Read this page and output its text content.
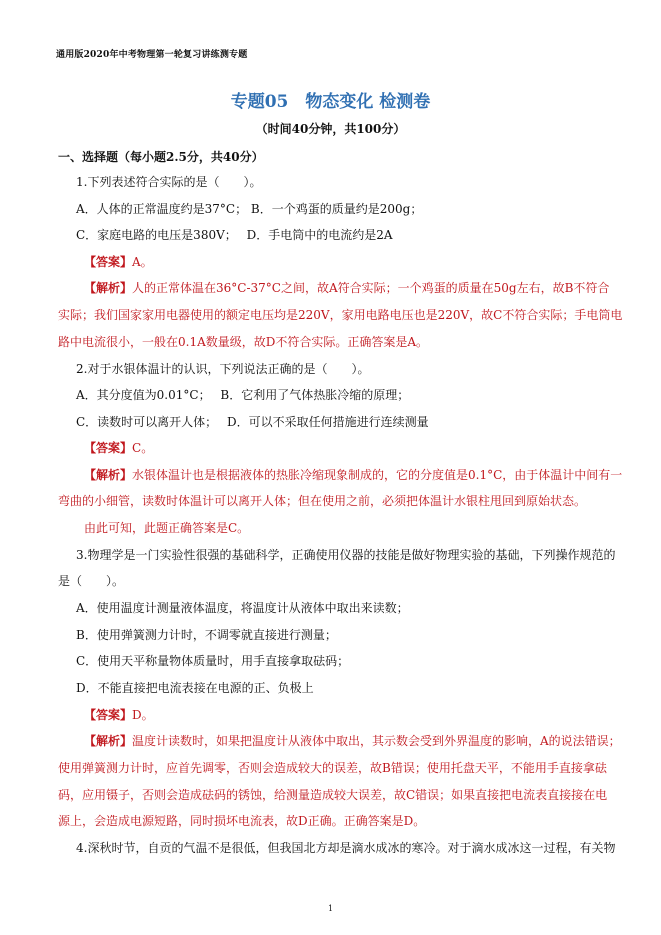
通用版2020年中考物理第一轮复习讲练测专题
专题05　物态变化 检测卷
（时间40分钟，共100分）
一、选择题（每小题2.5分，共40分）
1.下列表述符合实际的是（　　）。
A．人体的正常温度约是37°C； B．一个鸡蛋的质量约是200g；
C．家庭电路的电压是380V；　 D．手电筒中的电流约是2A
【答案】A。
【解析】人的正常体温在36°C-37°C之间，故A符合实际；一个鸡蛋的质量在50g左右，故B不符合
实际；我们国家家用电器使用的额定电压均是220V，家用电路电压也是220V，故C不符合实际；手电筒电
路中电流很小，一般在0.1A数量级，故D不符合实际。正确答案是A。
2.对于水银体温计的认识，下列说法正确的是（　　）。
A．其分度值为0.01°C；　 B．它利用了气体热胀冷缩的原理；
C．读数时可以离开人体；　 D．可以不采取任何措施进行连续测量
【答案】C。
【解析】水银体温计也是根据液体的热胀冷缩现象制成的，它的分度值是0.1°C，由于体温计中间有一
弯曲的小细管，读数时体温计可以离开人体；但在使用之前，必须把体温计水银柱甩回到原始状态。
由此可知，此题正确答案是C。
3.物理学是一门实验性很强的基础科学，正确使用仪器的技能是做好物理实验的基础，下列操作规范的
是（　　）。
A．使用温度计测量液体温度，将温度计从液体中取出来读数；
B．使用弹簧测力计时，不调零就直接进行测量；
C．使用天平称量物体质量时，用手直接拿取砝码；
D．不能直接把电流表接在电源的正、负极上
【答案】D。
【解析】温度计读数时，如果把温度计从液体中取出，其示数会受到外界温度的影响，A的说法错误；
使用弹簧测力计时，应首先调零，否则会造成较大的误差，故B错误；使用托盘天平，不能用手直接拿砝
码，应用镊子，否则会造成砝码的锈蚀，给测量造成较大误差，故C错误；如果直接把电流表直接接在电
源上，会造成电源短路，同时损坏电流表，故D正确。正确答案是D。
4.深秋时节，自贡的气温不是很低，但我国北方却是滴水成冰的寒冷。对于滴水成冰这一过程，有关物
1
